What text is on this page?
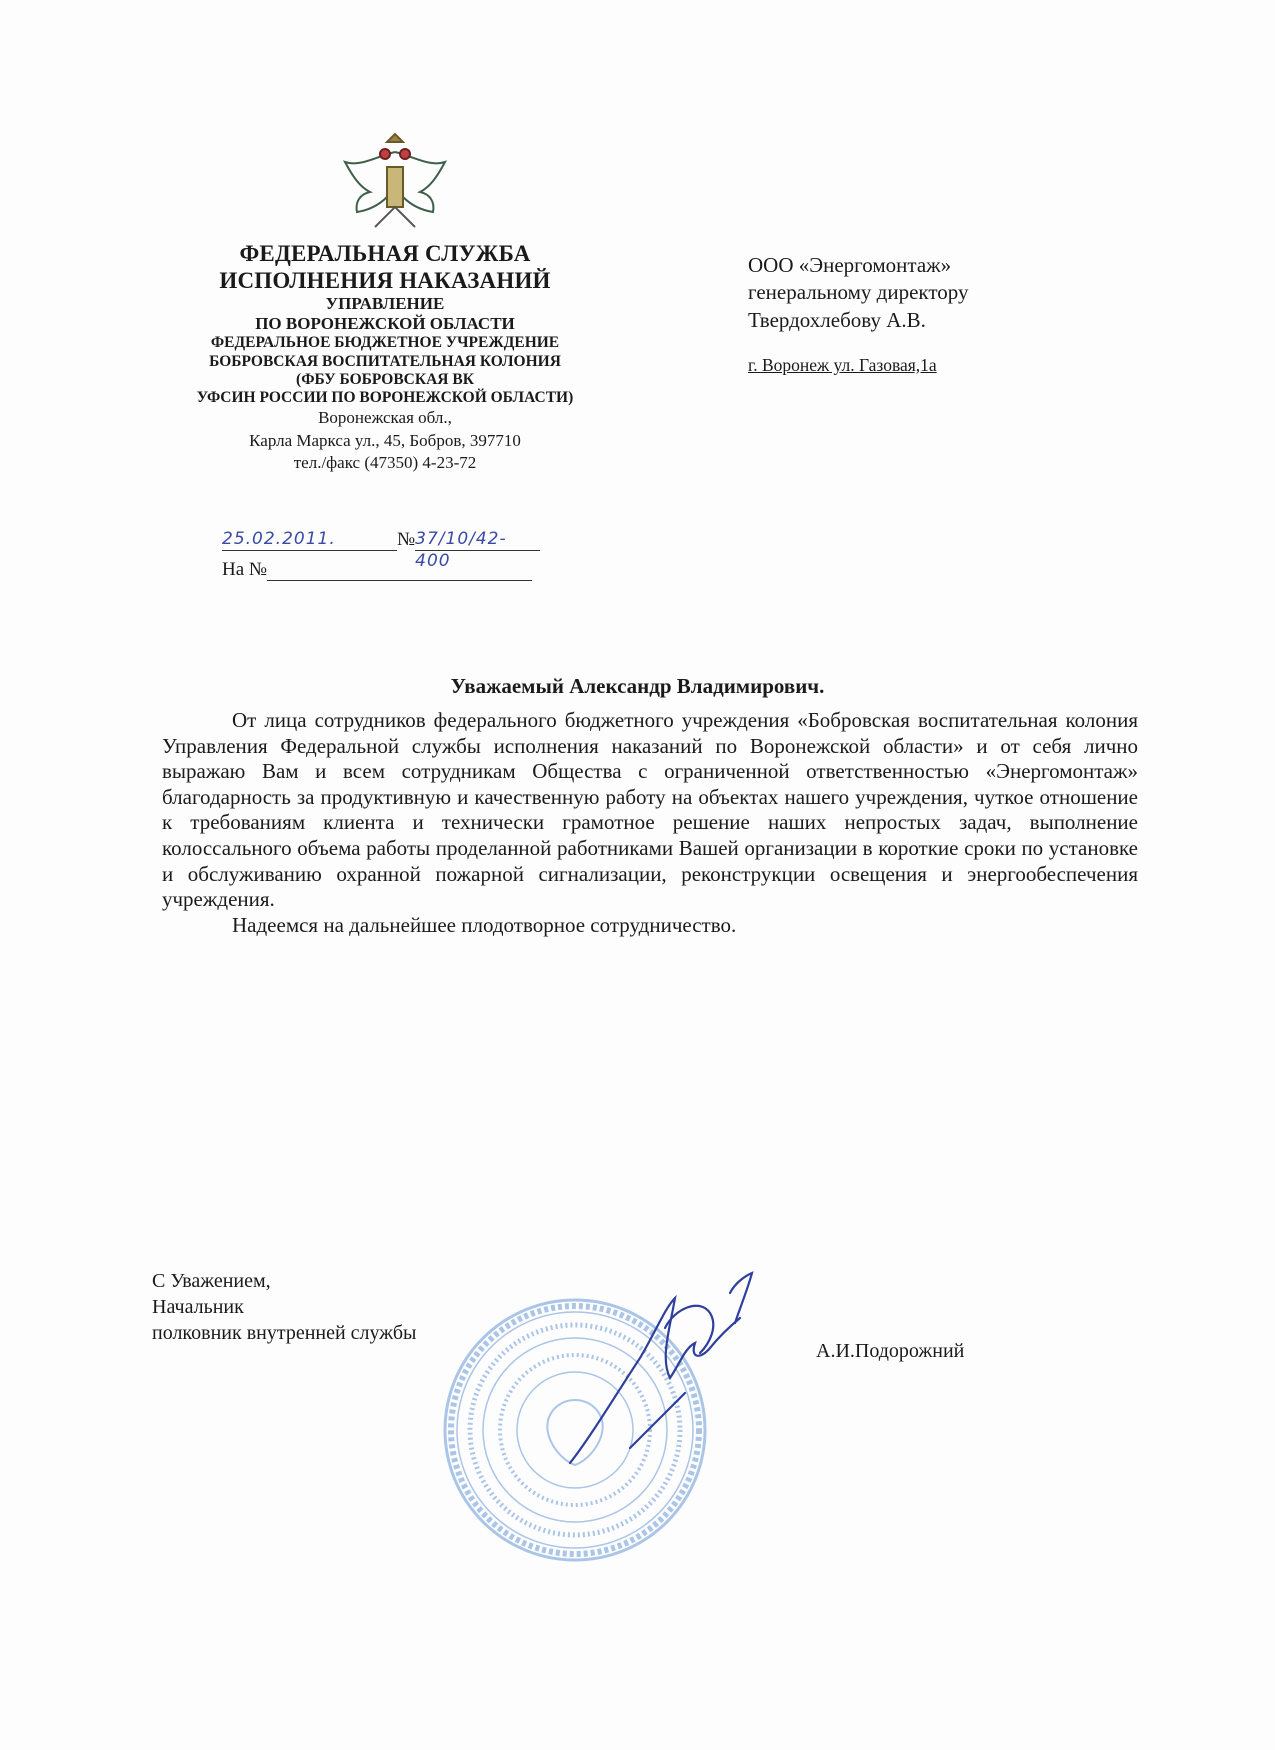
ФЕДЕРАЛЬНАЯ СЛУЖБА
ИСПОЛНЕНИЯ НАКАЗАНИЙ
УПРАВЛЕНИЕ
ПО ВОРОНЕЖСКОЙ ОБЛАСТИ
ФЕДЕРАЛЬНОЕ БЮДЖЕТНОЕ УЧРЕЖДЕНИЕ
БОБРОВСКАЯ ВОСПИТАТЕЛЬНАЯ КОЛОНИЯ
(ФБУ БОБРОВСКАЯ ВК
УФСИН РОССИИ ПО ВОРОНЕЖСКОЙ ОБЛАСТИ)
Воронежская обл.,
Карла Маркса ул., 45, Бобров, 397710
тел./факс (47350) 4-23-72
25.02.2011.	№37/10/42-400
На №
ООО «Энергомонтаж»
генеральному директору
Твердохлебову А.В.
г. Воронеж ул. Газовая,1а
Уважаемый Александр Владимирович.

От лица сотрудников федерального бюджетного учреждения «Бобровская воспитательная колония Управления Федеральной службы исполнения наказаний по Воронежской области» и от себя лично выражаю Вам и всем сотрудникам Общества с ограниченной ответственностью «Энергомонтаж» благодарность за продуктивную и качественную работу на объектах нашего учреждения, чуткое отношение к требованиям клиента и технически грамотное решение наших непростых задач, выполнение колоссального объема работы проделанной работниками Вашей организации в короткие сроки по установке и обслуживанию охранной пожарной сигнализации, реконструкции освещения и энергообеспечения учреждения.

Надеемся на дальнейшее плодотворное сотрудничество.

С Уважением,
Начальник
полковник внутренней службы
А.И.Подорожний
